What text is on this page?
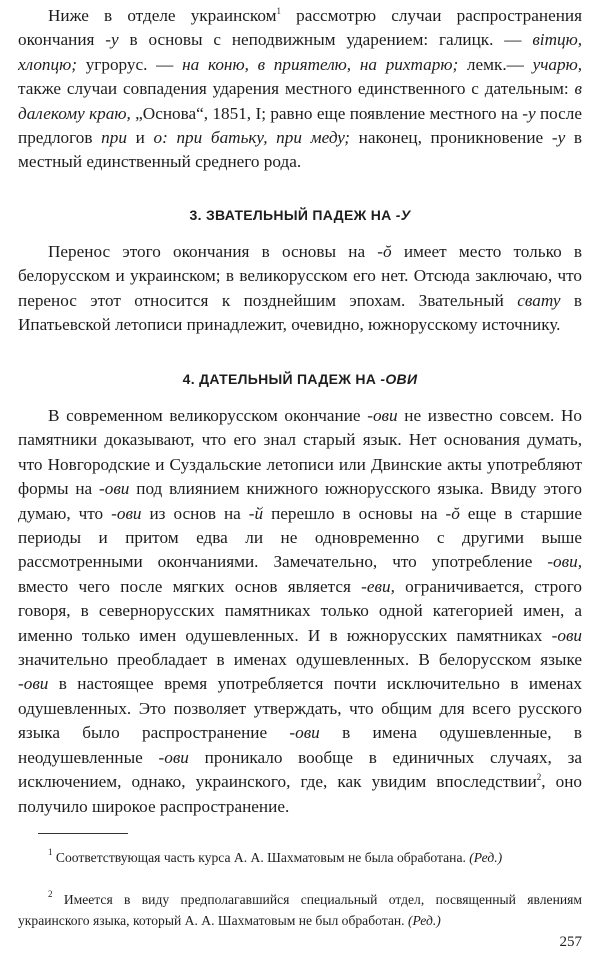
Ниже в отделе украинском$^1$ рассмотрю случаи распространения окончания -у в основы с неподвижным ударением: галицк. — вiтцю, хлопцю; угрорус. — на коню, в приятелю, на рихтарю; лемк.— учарю, также случаи совпадения ударения местного единственного с дательным: в далекому краю, „Основа“, 1851, I; равно еще появление местного на -у после предлогов при и о: при батьку, при меду; наконец, проникновение -у в местный единственный среднего рода.

3. ЗВАТЕЛЬНЫЙ ПАДЕЖ НА -У

Перенос этого окончания в основы на -ŏ имеет место только в белорусском и украинском; в великорусском его нет. Отсюда заключаю, что перенос этот относится к позднейшим эпохам. Звательный свату в Ипатьевской летописи принадлежит, очевидно, южнорусскому источнику.

4. ДАТЕЛЬНЫЙ ПАДЕЖ НА -ОВИ

В современном великорусском окончание -ови не известно совсем. Но памятники доказывают, что его знал старый язык. Нет основания думать, что Новгородские и Суздальские летописи или Двинские акты употребляют формы на -ови под влиянием книжного южнорусского языка. Ввиду этого думаю, что -ови из основ на -й перешло в основы на -ŏ еще в старшие периоды и притом едва ли не одновременно с другими выше рассмотренными окончаниями. Замечательно, что употребление -ови, вместо чего после мягких основ является -еви, ограничивается, строго говоря, в севернорусских памятниках только одной категорией имен, а именно только имен одушевленных. И в южнорусских памятниках -ови значительно преобладает в именах одушевленных. В белорусском языке -ови в настоящее время употребляется почти исключительно в именах одушевленных. Это позволяет утверждать, что общим для всего русского языка было распространение -ови в имена одушевленные, в неодушевленные -ови проникало вообще в единичных случаях, за исключением, однако, украинского, где, как увидим впоследствии$^2$, оно получило широкое распространение.

$^1$ Соответствующая часть курса А. А. Шахматовым не была обработана. (Ред.)

$^2$ Имеется в виду предполагавшийся специальный отдел, посвященный явлениям украинского языка, который А. А. Шахматовым не был обработан. (Ред.)

257
